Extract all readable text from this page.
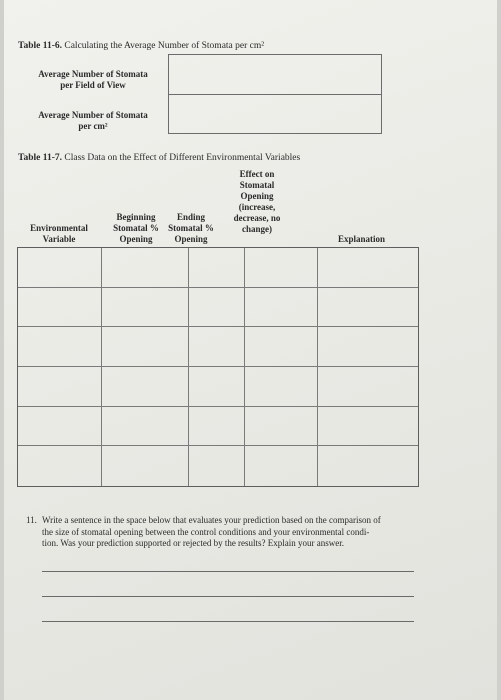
Table 11-6. Calculating the Average Number of Stomata per cm²
Average Number of Stomata
per Field of View
Average Number of Stomata
per cm²
Table 11-7. Class Data on the Effect of Different Environmental Variables
Environmental
Variable
Beginning
Stomatal %
Opening
Ending
Stomatal %
Opening
Effect on
Stomatal
Opening
(increase,
decrease, no
change)
Explanation
11. Write a sentence in the space below that evaluates your prediction based on the comparison of
the size of stomatal opening between the control conditions and your environmental condi-
tion. Was your prediction supported or rejected by the results? Explain your answer.
